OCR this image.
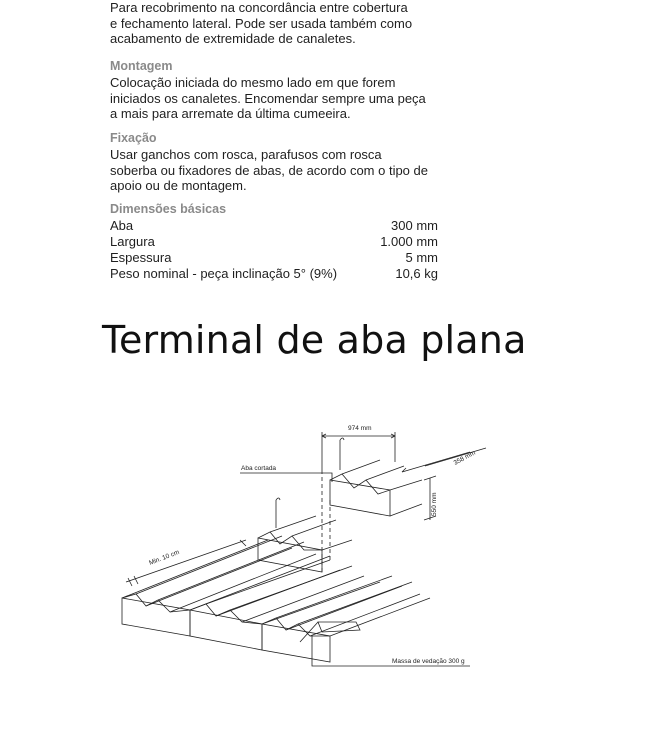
Para recobrimento na concordância entre cobertura
e fechamento lateral. Pode ser usada também como
acabamento de extremidade de canaletes.
Montagem
Colocação iniciada do mesmo lado em que forem
iniciados os canaletes. Encomendar sempre uma peça
a mais para arremate da última cumeeira.
Fixação
Usar ganchos com rosca, parafusos com rosca
soberba ou fixadores de abas, de acordo com o tipo de
apoio ou de montagem.
Dimensões básicas
Aba	300 mm
Largura	1.000 mm
Espessura	5 mm
Peso nominal - peça inclinação 5° (9%)	10,6 kg
Terminal de aba plana
Min. 10 cm
Aba cortada
974 mm
358 mm
550 mm
Massa de vedação 300 g
